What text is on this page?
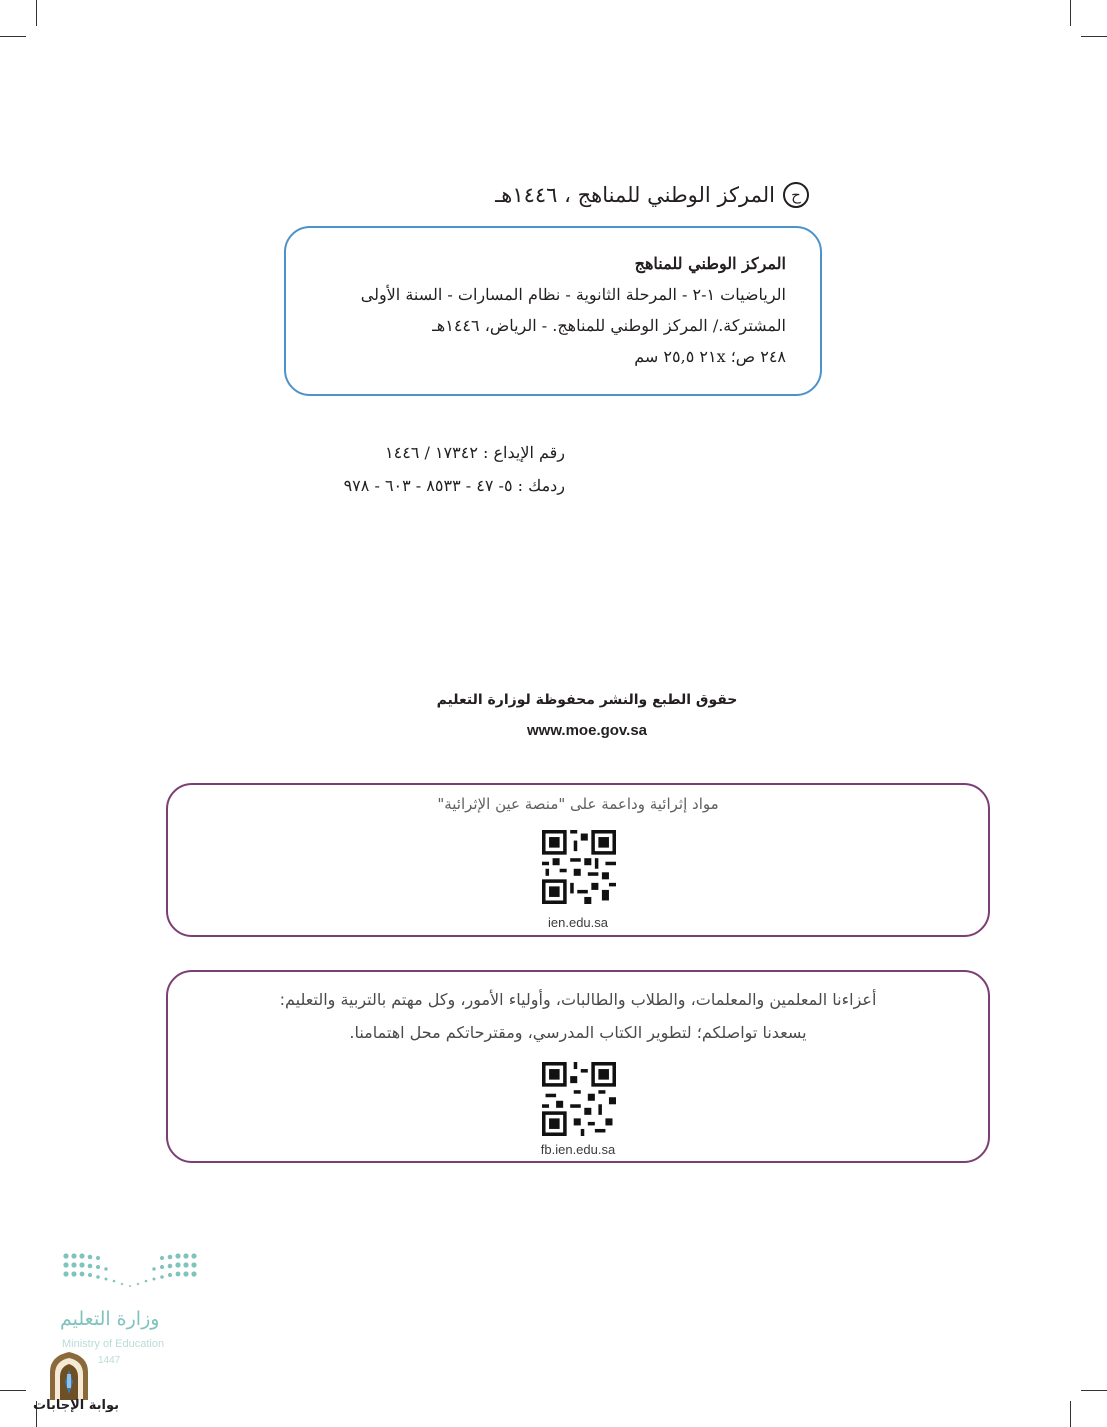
ح
المركز الوطني للمناهج ، ١٤٤٦هـ
المركز الوطني للمناهج
الرياضيات ١-٢ - المرحلة الثانوية - نظام المسارات - السنة الأولى
المشتركة./ المركز الوطني للمناهج. - الرياض، ١٤٤٦هـ
٢٤٨ ص؛ ٢١x ٢٥,٥ سم
رقم الإيداع : ١٧٣٤٢ / ١٤٤٦
ردمك : ٥- ٤٧ - ٨٥٣٣ - ٦٠٣ - ٩٧٨
حقوق الطبع والنشر محفوظة لوزارة التعليم
www.moe.gov.sa
مواد إثرائية وداعمة على "منصة عين الإثرائية"
ien.edu.sa
أعزاءنا المعلمين والمعلمات، والطلاب والطالبات، وأولياء الأمور، وكل مهتم بالتربية والتعليم:
يسعدنا تواصلكم؛ لتطوير الكتاب المدرسي، ومقترحاتكم محل اهتمامنا.
fb.ien.edu.sa
وزارة التعليم
Ministry of Education
1447
بوابة الإجابات
